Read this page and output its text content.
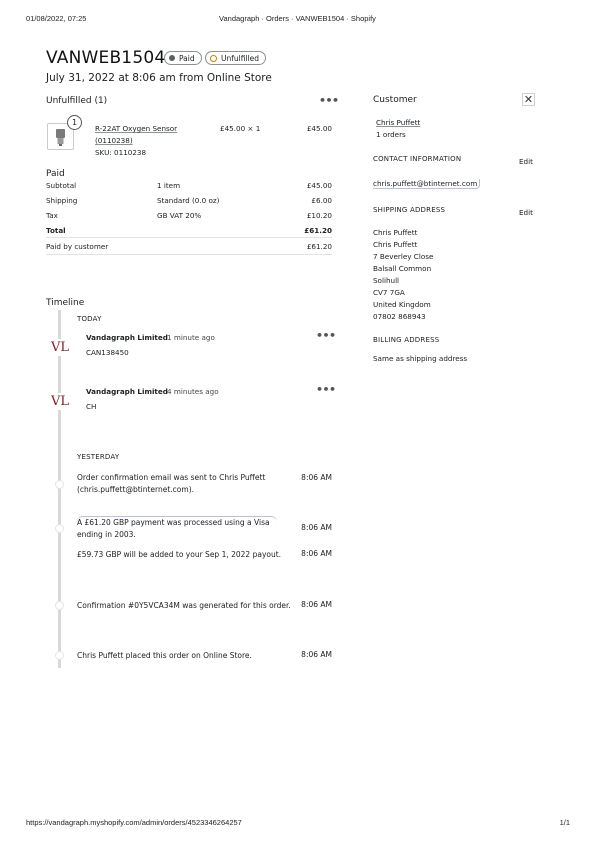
01/08/2022, 07:25	Vandagraph · Orders · VANWEB1504 · Shopify
VANWEB1504 Paid	Unfulfilled
July 31, 2022 at 8:06 am from Online Store
Unfulfilled (1)	•••
1
R-22AT Oxygen Sensor
(0110238)
SKU: 0110238
£45.00 × 1	£45.00
Paid
Subtotal	1 item	£45.00
Shipping	Standard (0.0 oz)	£6.00
Tax	GB VAT 20%	£10.20
Total	£61.20
Paid by customer	£61.20
Timeline
TODAY
VL
Vandagraph Limited 1 minute ago
CAN138450
•••
VL
Vandagraph Limited 4 minutes ago
CH
•••
YESTERDAY
Order confirmation email was sent to Chris Puffett (chris.puffett@btinternet.com).
8:06 AM
A £61.20 GBP payment was processed using a Visa ending in 2003.
8:06 AM
£59.73 GBP will be added to your Sep 1, 2022 payout.	8:06 AM
Confirmation #0Y5VCA34M was generated for this order.	8:06 AM
Chris Puffett placed this order on Online Store.	8:06 AM
Customer	✕
Chris Puffett
1 orders
CONTACT INFORMATION	Edit
chris.puffett@btinternet.com
SHIPPING ADDRESS	Edit
Chris Puffett
Chris Puffett
7 Beverley Close
Balsall Common
Solihull
CV7 7GA
United Kingdom
07802 868943
BILLING ADDRESS
Same as shipping address
https://vandagraph.myshopify.com/admin/orders/4523346264257	1/1
